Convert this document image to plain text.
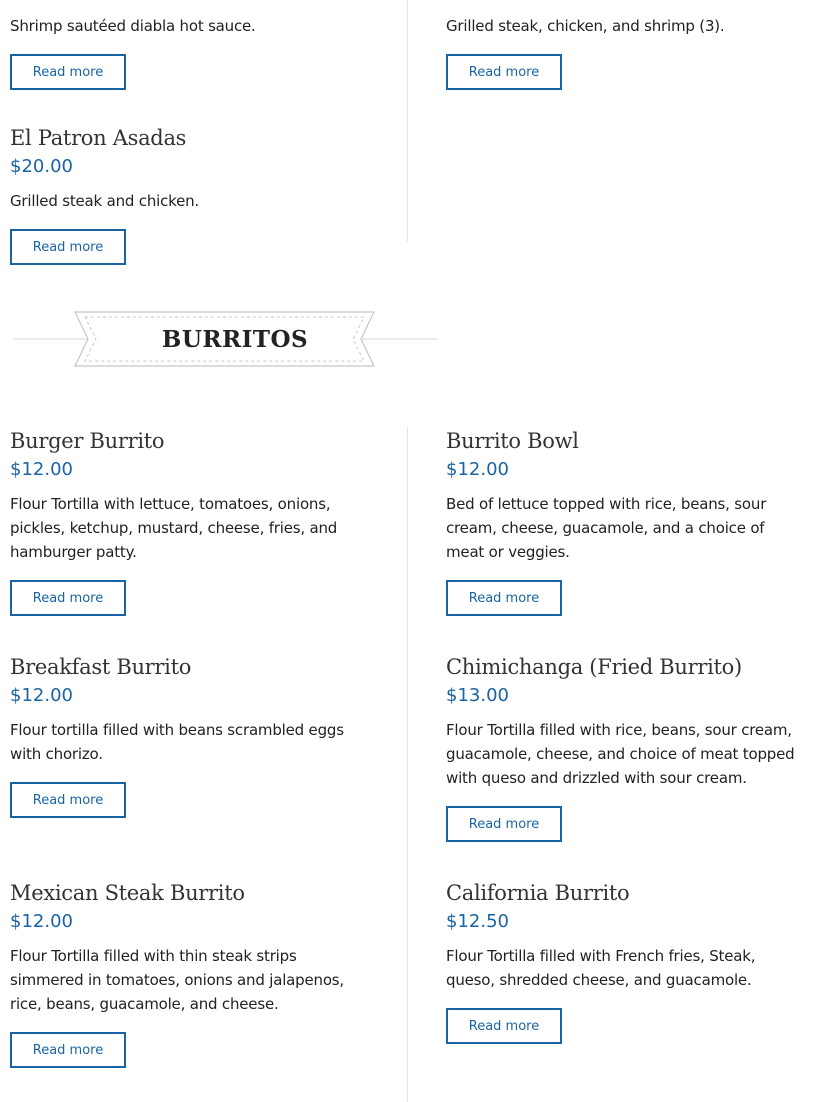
Shrimp sautéed diabla hot sauce.
Read more
Grilled steak, chicken, and shrimp (3).
Read more
El Patron Asadas
$20.00
Grilled steak and chicken.
Read more
BURRITOS
Burger Burrito
$12.00
Flour Tortilla with lettuce, tomatoes, onions, pickles, ketchup, mustard, cheese, fries, and hamburger patty.
Read more
Burrito Bowl
$12.00
Bed of lettuce topped with rice, beans, sour cream, cheese, guacamole, and a choice of meat or veggies.
Read more
Breakfast Burrito
$12.00
Flour tortilla filled with beans scrambled eggs with chorizo.
Read more
Chimichanga (Fried Burrito)
$13.00
Flour Tortilla filled with rice, beans, sour cream, guacamole, cheese, and choice of meat topped with queso and drizzled with sour cream.
Read more
Mexican Steak Burrito
$12.00
Flour Tortilla filled with thin steak strips simmered in tomatoes, onions and jalapenos, rice, beans, guacamole, and cheese.
Read more
California Burrito
$12.50
Flour Tortilla filled with French fries, Steak, queso, shredded cheese, and guacamole.
Read more
